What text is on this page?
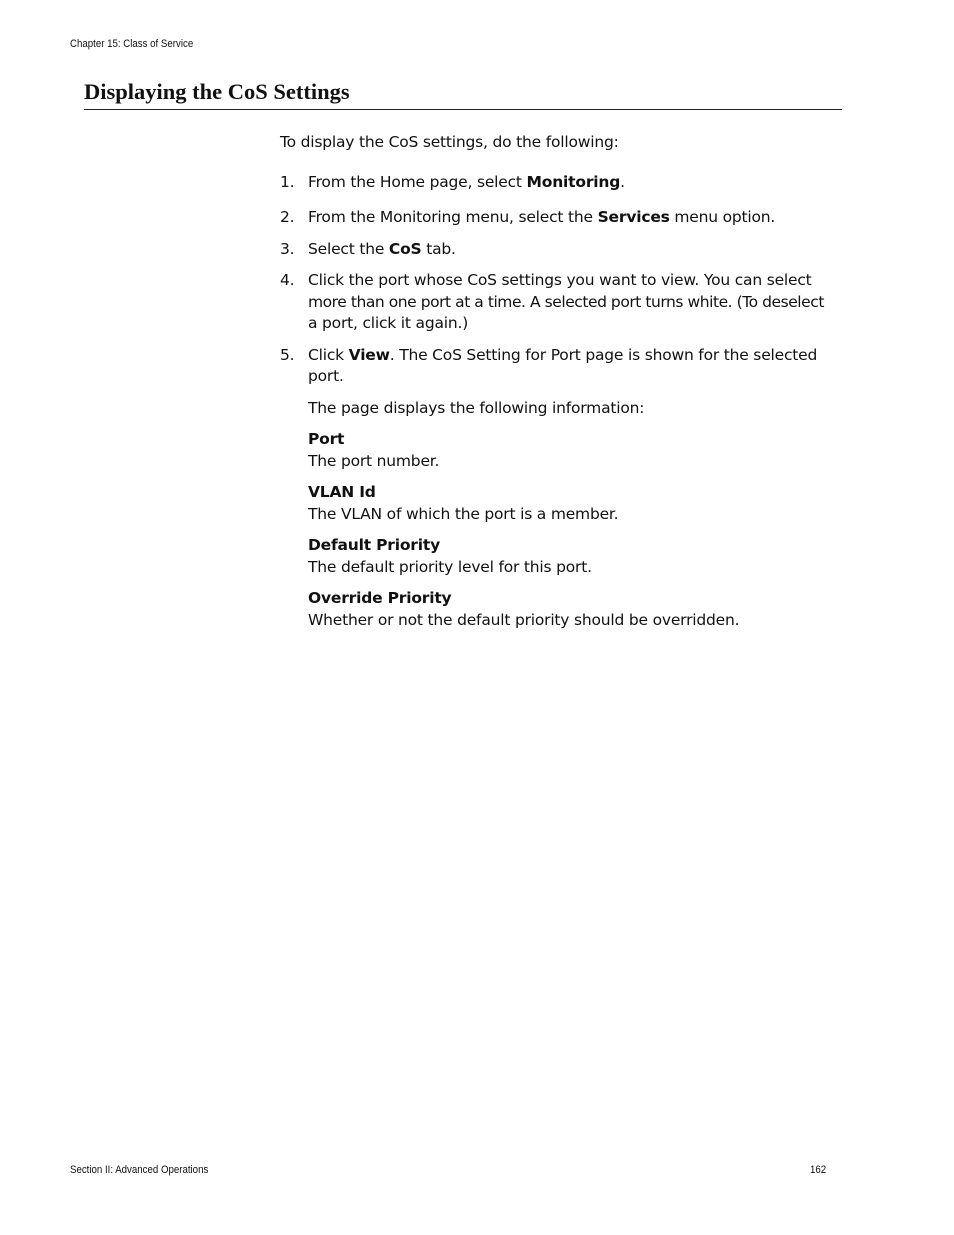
Chapter 15: Class of Service
Displaying the CoS Settings

To display the CoS settings, do the following:

1. From the Home page, select Monitoring.
2. From the Monitoring menu, select the Services menu option.
3. Select the CoS tab.
4. Click the port whose CoS settings you want to view. You can select
more than one port at a time. A selected port turns white. (To deselect
a port, click it again.)
5. Click View. The CoS Setting for Port page is shown for the selected port.

The page displays the following information:

Port
The port number.
VLAN Id
The VLAN of which the port is a member.
Default Priority
The default priority level for this port.
Override Priority
Whether or not the default priority should be overridden.
Section II: Advanced Operations	162
